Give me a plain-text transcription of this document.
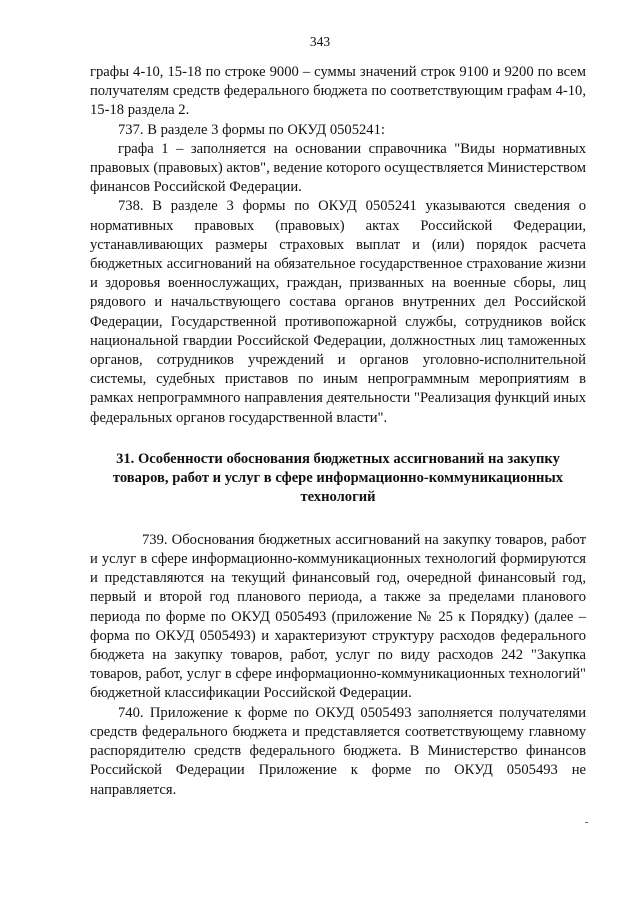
343

графы 4-10, 15-18 по строке 9000 – суммы значений строк 9100 и 9200 по всем получателям средств федерального бюджета по соответствующим графам 4-10, 15-18 раздела 2.

737. В разделе 3 формы по ОКУД 0505241:

графа 1 – заполняется на основании справочника "Виды нормативных правовых (правовых) актов", ведение которого осуществляется Министерством финансов Российской Федерации.

738. В разделе 3 формы по ОКУД 0505241 указываются сведения о нормативных правовых (правовых) актах Российской Федерации, устанавливающих размеры страховых выплат и (или) порядок расчета бюджетных ассигнований на обязательное государственное страхование жизни и здоровья военнослужащих, граждан, призванных на военные сборы, лиц рядового и начальствующего состава органов внутренних дел Российской Федерации, Государственной противопожарной службы, сотрудников войск национальной гвардии Российской Федерации, должностных лиц таможенных органов, сотрудников учреждений и органов уголовно-исполнительной системы, судебных приставов по иным непрограммным мероприятиям в рамках непрограммного направления деятельности "Реализация функций иных федеральных органов государственной власти".

31. Особенности обоснования бюджетных ассигнований на закупку товаров, работ и услуг в сфере информационно-коммуникационных технологий

739. Обоснования бюджетных ассигнований на закупку товаров, работ и услуг в сфере информационно-коммуникационных технологий формируются и представляются на текущий финансовый год, очередной финансовый год, первый и второй год планового периода, а также за пределами планового периода по форме по ОКУД 0505493 (приложение № 25 к Порядку) (далее – форма по ОКУД 0505493) и характеризуют структуру расходов федерального бюджета на закупку товаров, работ, услуг по виду расходов 242 "Закупка товаров, работ, услуг в сфере информационно-коммуникационных технологий" бюджетной классификации Российской Федерации.

740. Приложение к форме по ОКУД 0505493 заполняется получателями средств федерального бюджета и представляется соответствующему главному распорядителю средств федерального бюджета. В Министерство финансов Российской Федерации Приложение к форме по ОКУД 0505493 не направляется.
